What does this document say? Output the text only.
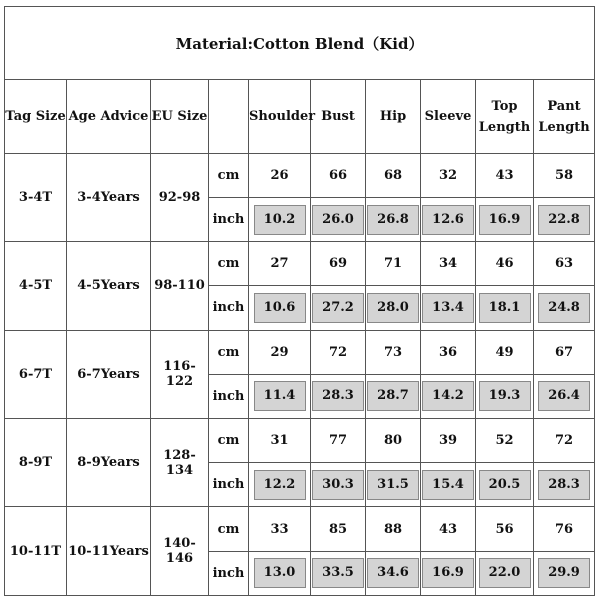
Material:Cotton Blend（Kid）									
Tag Size	Age Advice	EU Size		Shoulder	Bust	Hip	Sleeve	Top Length	Pant Length
3-4T	3-4Years	92-98	cm	26	66	68	32	43	58
			inch	10.2	26.0	26.8	12.6	16.9	22.8
4-5T	4-5Years	98-110	cm	27	69	71	34	46	63
			inch	10.6	27.2	28.0	13.4	18.1	24.8
6-7T	6-7Years	116-122	cm	29	72	73	36	49	67
			inch	11.4	28.3	28.7	14.2	19.3	26.4
8-9T	8-9Years	128-134	cm	31	77	80	39	52	72
			inch	12.2	30.3	31.5	15.4	20.5	28.3
10-11T	10-11Years	140-146	cm	33	85	88	43	56	76
			inch	13.0	33.5	34.6	16.9	22.0	29.9
